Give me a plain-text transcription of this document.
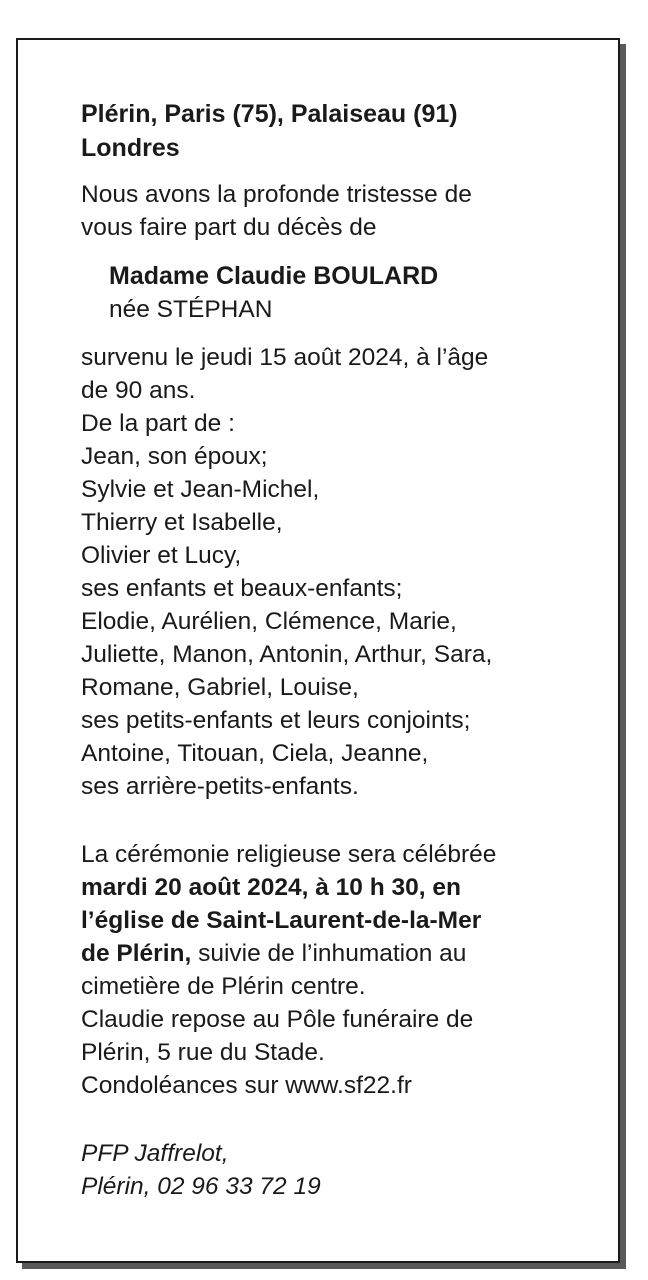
Plérin, Paris (75), Palaiseau (91)
Londres
Nous avons la profonde tristesse de
vous faire part du décès de
Madame Claudie BOULARD
née STÉPHAN
survenu le jeudi 15 août 2024, à l’âge
de 90 ans.
De la part de :
Jean, son époux;
Sylvie et Jean-Michel,
Thierry et Isabelle,
Olivier et Lucy,
ses enfants et beaux-enfants;
Elodie, Aurélien, Clémence, Marie,
Juliette, Manon, Antonin, Arthur, Sara,
Romane, Gabriel, Louise,
ses petits-enfants et leurs conjoints;
Antoine, Titouan, Ciela, Jeanne,
ses arrière-petits-enfants.
La cérémonie religieuse sera célébrée
mardi 20 août 2024, à 10 h 30, en
l’église de Saint-Laurent-de-la-Mer
de Plérin, suivie de l’inhumation au
cimetière de Plérin centre.
Claudie repose au Pôle funéraire de
Plérin, 5 rue du Stade.
Condoléances sur www.sf22.fr
PFP Jaffrelot,
Plérin, 02 96 33 72 19
